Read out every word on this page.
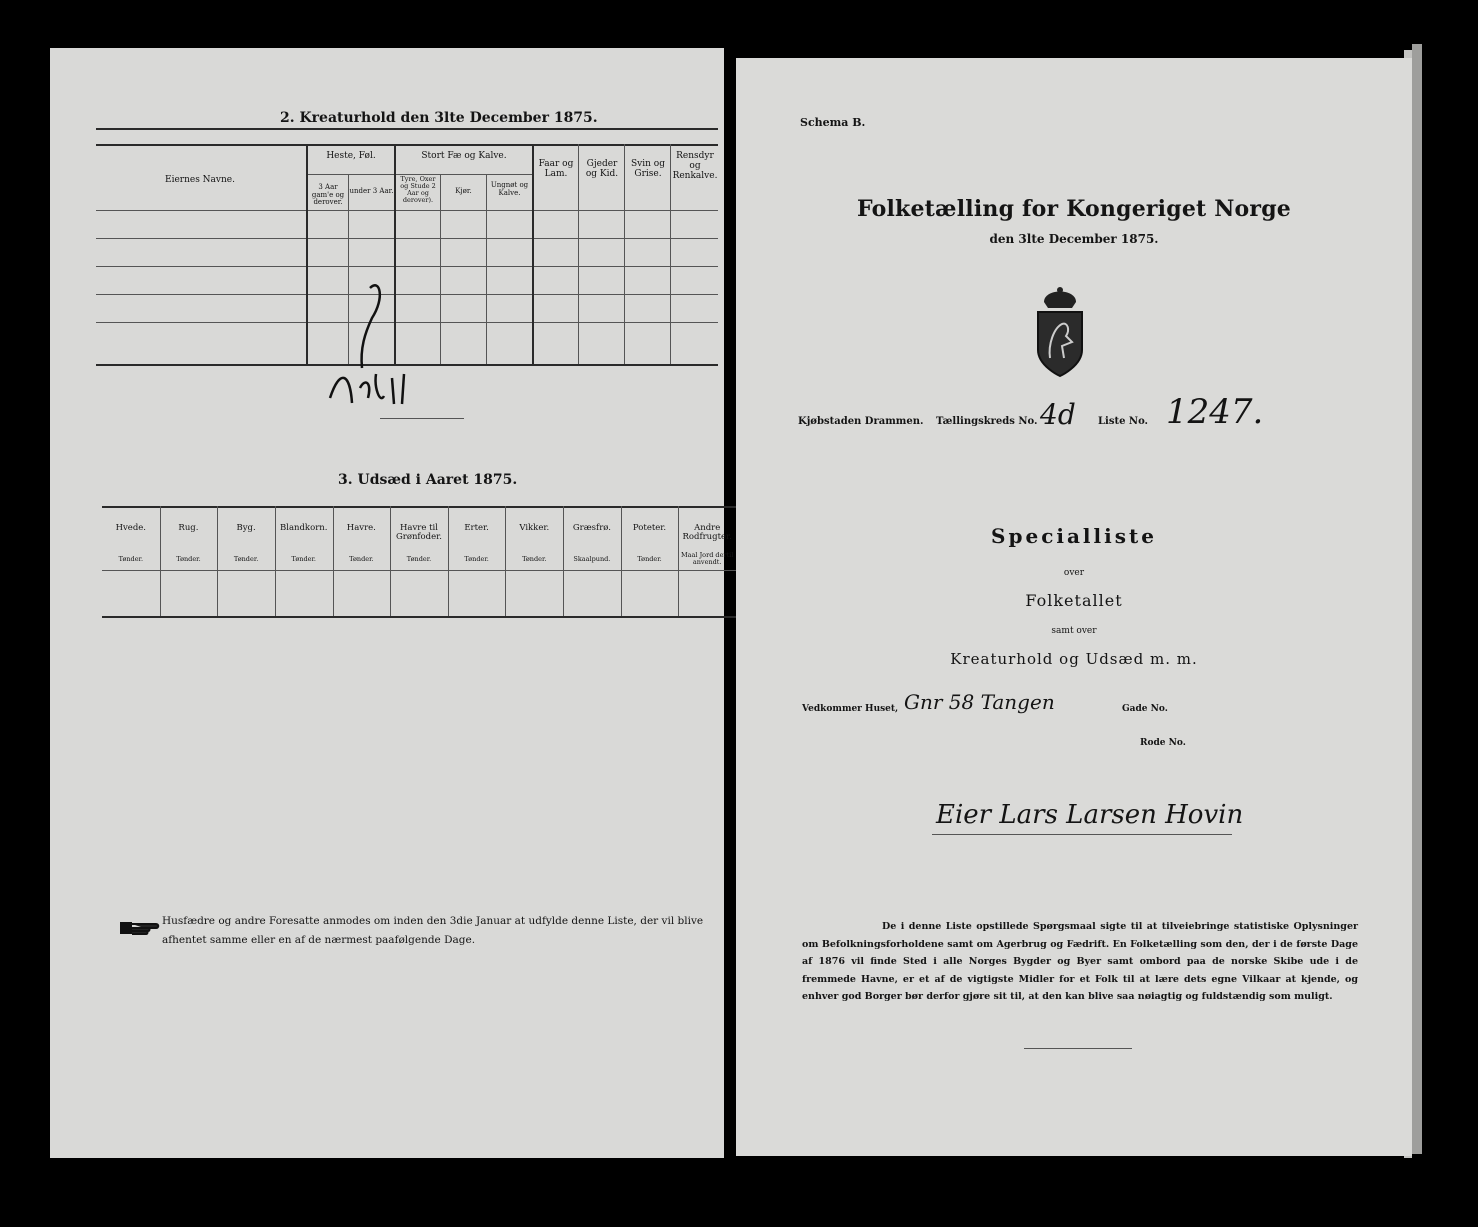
2. Kreaturhold den 3lte December 1875.
Eiernes Navne.
Heste, Føl.
3 Aar gam'e og derover.
under 3 Aar.
Stort Fæ og Kalve.
Tyre, Oxer og Stude 2 Aar og derover).
Kjør.
Ungnøt og Kalve.
Faar og Lam.
Gjeder og Kid.
Svin og Grise.
Rensdyr og Renkalve.
3. Udsæd i Aaret 1875.
Husfædre og andre Foresatte anmodes om inden den 3die Januar at udfylde denne Liste, der vil blive afhentet samme eller en af de nærmest paafølgende Dage.
Hvede.
Tønder.
Rug.
Tønder.
Byg.
Tønder.
Blandkorn.
Tønder.
Havre.
Tønder.
Havre til Grønfoder.
Tønder.
Erter.
Tønder.
Vikker.
Tønder.
Græsfrø.
Skaalpund.
Poteter.
Tønder.
Andre Rodfrugter.
Maal Jord dertil anvendt.
Schema B.
Folketælling for Kongeriget Norge
den 3lte December 1875.
Kjøbstaden Drammen. Tællingskreds No. 4d Liste No. 1247.
Specialliste
over
Folketallet
samt over
Kreaturhold og Udsæd m. m.
Vedkommer Huset, Gnr 58 Tangen	Gade No.
Rode No.
Eier Lars Larsen Hovin
De i denne Liste opstillede Spørgsmaal sigte til at tilveiebringe statistiske Oplysninger om Befolkningsforholdene samt om Agerbrug og Fædrift. En Folketælling som den, der i de første Dage af 1876 vil finde Sted i alle Norges Bygder og Byer samt ombord paa de norske Skibe ude i de fremmede Havne, er et af de vigtigste Midler for et Folk til at lære dets egne Vilkaar at kjende, og enhver god Borger bør derfor gjøre sit til, at den kan blive saa nøiagtig og fuldstændig som muligt.
